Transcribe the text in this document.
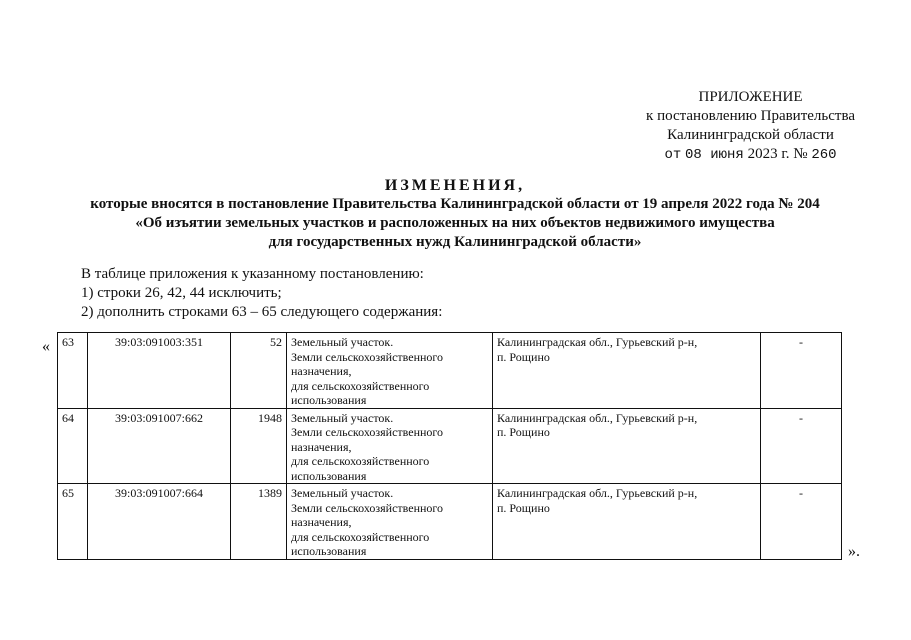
ПРИЛОЖЕНИЕ
к постановлению Правительства
Калининградской области
от 08 июня 2023 г. № 260
ИЗМЕНЕНИЯ,
которые вносятся в постановление Правительства Калининградской области от 19 апреля 2022 года № 204
«Об изъятии земельных участков и расположенных на них объектов недвижимого имущества
для государственных нужд Калининградской области»
В таблице приложения к указанному постановлению:
1) строки 26, 42, 44 исключить;
2) дополнить строками 63 – 65 следующего содержания:
« 63	39:03:091003:351	52	Земельный участок.
Земли сельскохозяйственного
назначения,
для сельскохозяйственного
использования	Калининградская обл., Гурьевский р-н,
п. Рощино	-
64	39:03:091007:662	1948	Земельный участок.
Земли сельскохозяйственного
назначения,
для сельскохозяйственного
использования	Калининградская обл., Гурьевский р-н,
п. Рощино	-
65	39:03:091007:664	1389	Земельный участок.
Земли сельскохозяйственного
назначения,
для сельскохозяйственного
использования	Калининградская обл., Гурьевский р-н,
п. Рощино	-
».
